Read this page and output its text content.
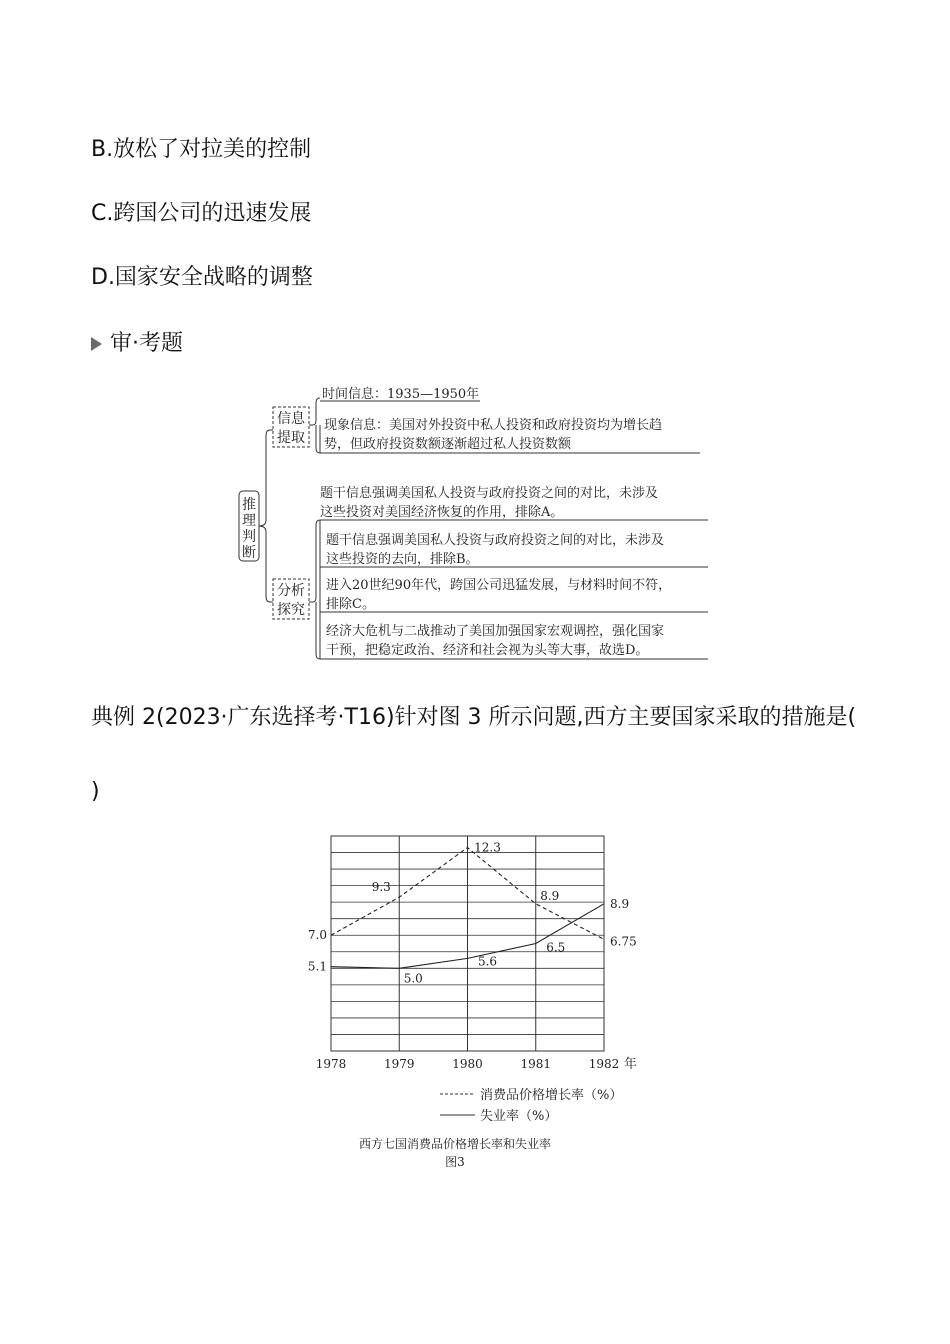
B.放松了对拉美的控制
C.跨国公司的迅速发展
D.国家安全战略的调整
审·考题
推
理
判
断
信息
提取
分析
探究
时间信息：1935—1950年
现象信息：美国对外投资中私人投资和政府投资均为增长趋
势，但政府投资数额逐渐超过私人投资数额
题干信息强调美国私人投资与政府投资之间的对比，未涉及
这些投资对美国经济恢复的作用，排除A。
题干信息强调美国私人投资与政府投资之间的对比，未涉及
这些投资的去向，排除B。
进入20世纪90年代，跨国公司迅猛发展，与材料时间不符，
排除C。
经济大危机与二战推动了美国加强国家宏观调控，强化国家
干预，把稳定政治、经济和社会视为头等大事，故选D。
典例 2(2023·广东选择考·T16)针对图 3 所示问题,西方主要国家采取的措施是(
)
7.0
9.3
12.3
8.9
6.75
5.1
5.0
5.6
6.5
8.9
1978	1979	1980	1981	1982 年
消费品价格增长率（%）
失业率（%）
西方七国消费品价格增长率和失业率
图3
